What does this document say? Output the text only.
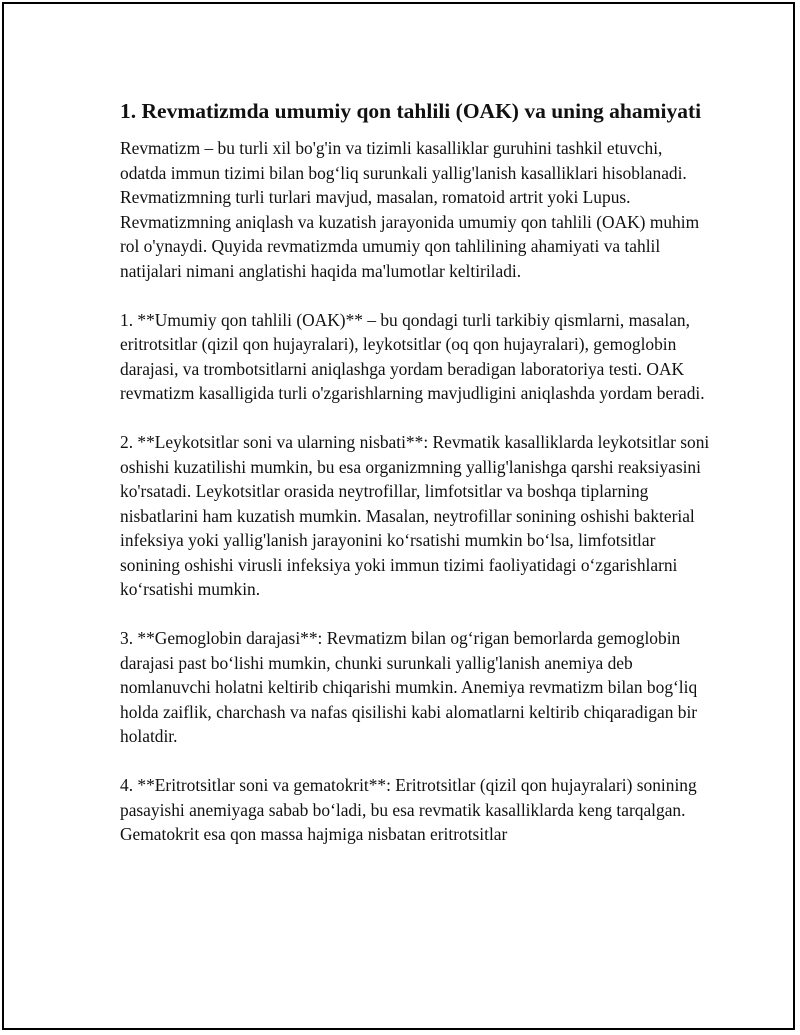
1. Revmatizmda umumiy qon tahlili (OAK) va uning ahamiyati

Revmatizm – bu turli xil bo'g'in va tizimli kasalliklar guruhini tashkil etuvchi, odatda immun tizimi bilan bog‘liq surunkali yallig'lanish kasalliklari hisoblanadi. Revmatizmning turli turlari mavjud, masalan, romatoid artrit yoki Lupus. Revmatizmning aniqlash va kuzatish jarayonida umumiy qon tahlili (OAK) muhim rol o'ynaydi. Quyida revmatizmda umumiy qon tahlilining ahamiyati va tahlil natijalari nimani anglatishi haqida ma'lumotlar keltiriladi.

1. **Umumiy qon tahlili (OAK)** – bu qondagi turli tarkibiy qismlarni, masalan, eritrotsitlar (qizil qon hujayralari), leykotsitlar (oq qon hujayralari), gemoglobin darajasi, va trombotsitlarni aniqlashga yordam beradigan laboratoriya testi. OAK revmatizm kasalligida turli o'zgarishlarning mavjudligini aniqlashda yordam beradi.

2. **Leykotsitlar soni va ularning nisbati**: Revmatik kasalliklarda leykotsitlar soni oshishi kuzatilishi mumkin, bu esa organizmning yallig'lanishga qarshi reaksiyasini ko'rsatadi. Leykotsitlar orasida neytrofillar, limfotsitlar va boshqa tiplarning nisbatlarini ham kuzatish mumkin. Masalan, neytrofillar sonining oshishi bakterial infeksiya yoki yallig'lanish jarayonini ko‘rsatishi mumkin bo‘lsa, limfotsitlar sonining oshishi virusli infeksiya yoki immun tizimi faoliyatidagi o‘zgarishlarni ko‘rsatishi mumkin.

3. **Gemoglobin darajasi**: Revmatizm bilan og‘rigan bemorlarda gemoglobin darajasi past bo‘lishi mumkin, chunki surunkali yallig'lanish anemiya deb nomlanuvchi holatni keltirib chiqarishi mumkin. Anemiya revmatizm bilan bog‘liq holda zaiflik, charchash va nafas qisilishi kabi alomatlarni keltirib chiqaradigan bir holatdir.

4. **Eritrotsitlar soni va gematokrit**: Eritrotsitlar (qizil qon hujayralari) sonining pasayishi anemiyaga sabab bo‘ladi, bu esa revmatik kasalliklarda keng tarqalgan. Gematokrit esa qon massa hajmiga nisbatan eritrotsitlar
